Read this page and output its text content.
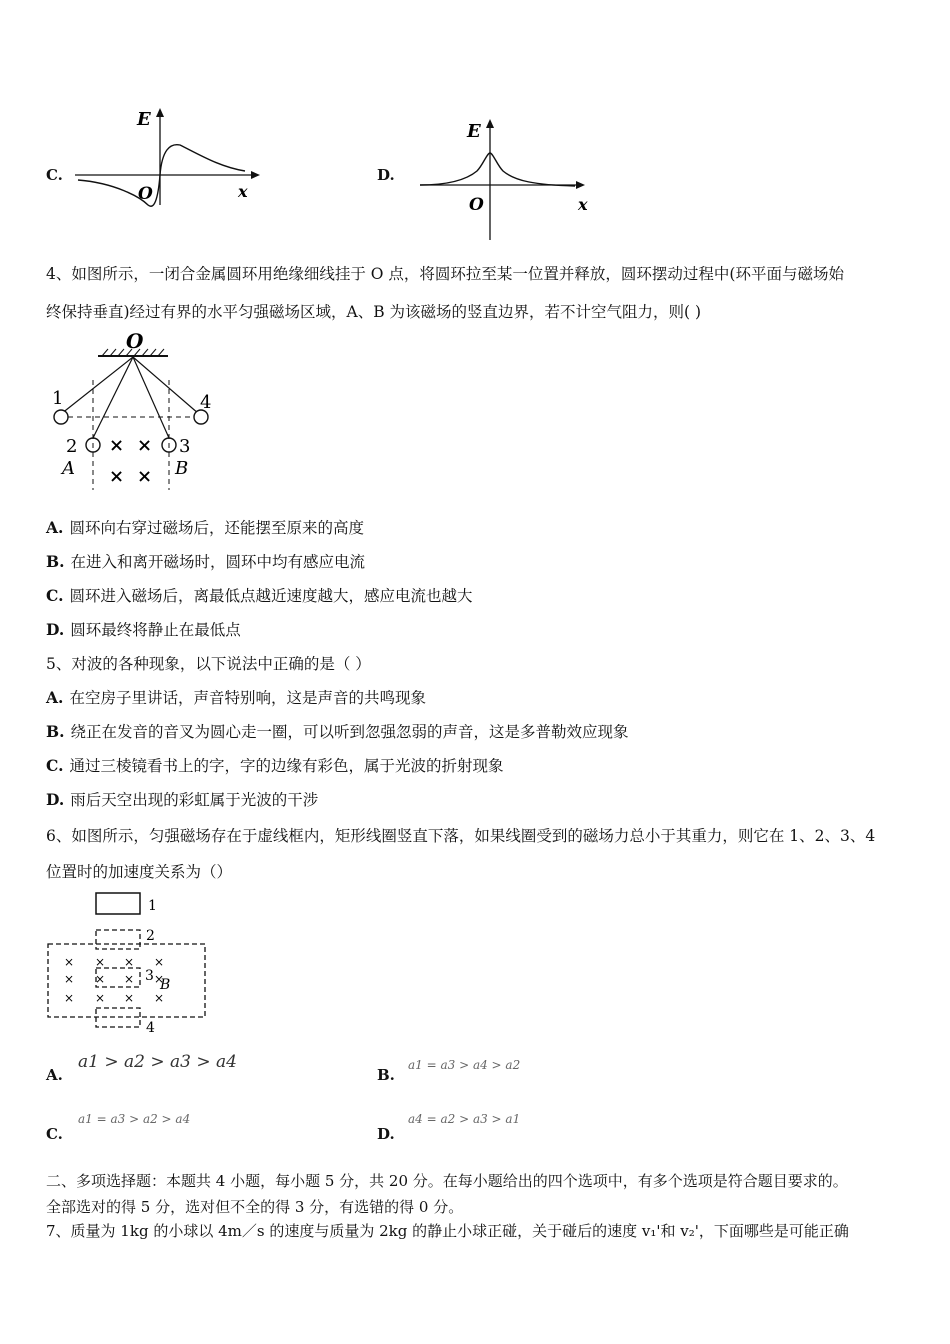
C.
E
O	x
D.
E
O	x
4、如图所示，一闭合金属圆环用绝缘细线挂于 O 点，将圆环拉至某一位置并释放，圆环摆动过程中(环平面与磁场始
终保持垂直)经过有界的水平匀强磁场区域，A、B 为该磁场的竖直边界，若不计空气阻力，则( )
O
× ×
× ×
1	4
2	3
A	B
A. 圆环向右穿过磁场后，还能摆至原来的高度
B. 在进入和离开磁场时，圆环中均有感应电流
C. 圆环进入磁场后，离最低点越近速度越大，感应电流也越大
D. 圆环最终将静止在最低点
5、对波的各种现象，以下说法中正确的是（ ）
A. 在空房子里讲话，声音特别响，这是声音的共鸣现象
B. 绕正在发音的音叉为圆心走一圈，可以听到忽强忽弱的声音，这是多普勒效应现象
C. 通过三棱镜看书上的字，字的边缘有彩色，属于光波的折射现象
D. 雨后天空出现的彩虹属于光波的干涉
6、如图所示，匀强磁场存在于虚线框内，矩形线圈竖直下落，如果线圈受到的磁场力总小于其重力，则它在 1、2、3、4
位置时的加速度关系为（）
× × × ×
× × × ×
× × × ×
1
2
3
B
4
A.
a1 > a2 > a3 > a4
B.
a1 = a3 > a4 > a2
C.
a1 = a3 > a2 > a4
D.
a4 = a2 > a3 > a1
二、多项选择题：本题共 4 小题，每小题 5 分，共 20 分。在每小题给出的四个选项中，有多个选项是符合题目要求的。
全部选对的得 5 分，选对但不全的得 3 分，有选错的得 0 分。
7、质量为 1kg 的小球以 4m／s 的速度与质量为 2kg 的静止小球正碰，关于碰后的速度 v₁'和 v₂'，下面哪些是可能正确
